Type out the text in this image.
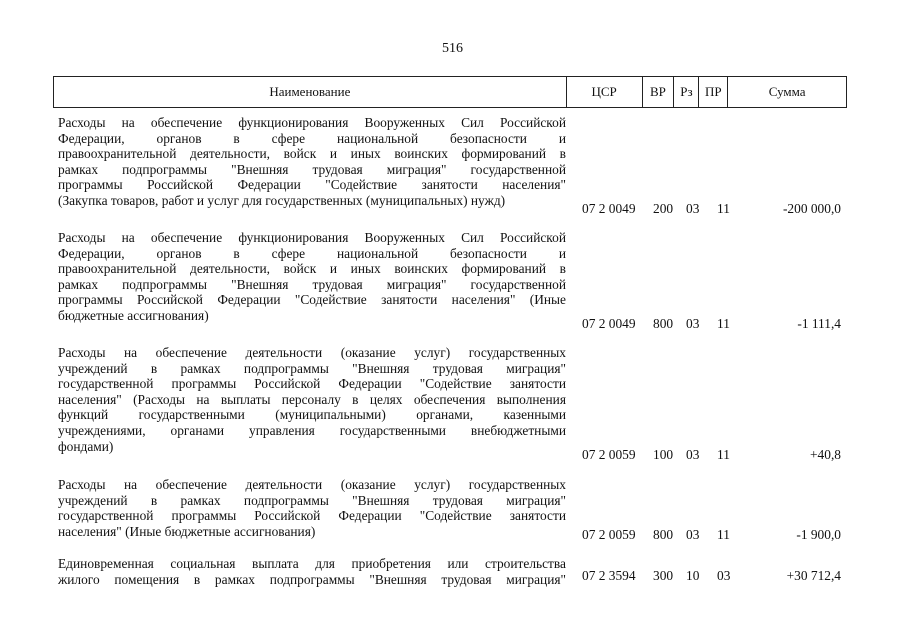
516
Наименование	ЦСР	ВР	Рз ПР	Сумма
Расходы на обеспечение функционирования Вооруженных Сил Российской
Федерации, органов в сфере национальной безопасности и
правоохранительной деятельности, войск и иных воинских формирований в
рамках подпрограммы "Внешняя трудовая миграция" государственной
программы Российской Федерации "Содействие занятости населения"
(Закупка товаров, работ и услуг для государственных (муниципальных) нужд)
07 2 0049 200 03 11	-200 000,0
Расходы на обеспечение функционирования Вооруженных Сил Российской
Федерации, органов в сфере национальной безопасности и
правоохранительной деятельности, войск и иных воинских формирований в
рамках подпрограммы "Внешняя трудовая миграция" государственной
программы Российской Федерации "Содействие занятости населения" (Иные
бюджетные ассигнования)
07 2 0049 800 03 11	-1 111,4
Расходы на обеспечение деятельности (оказание услуг) государственных
учреждений в рамках подпрограммы "Внешняя трудовая миграция"
государственной программы Российской Федерации "Содействие занятости
населения" (Расходы на выплаты персоналу в целях обеспечения выполнения
функций государственными (муниципальными) органами, казенными
учреждениями, органами управления государственными внебюджетными
фондами)
07 2 0059 100 03 11	+40,8
Расходы на обеспечение деятельности (оказание услуг) государственных
учреждений в рамках подпрограммы "Внешняя трудовая миграция"
государственной программы Российской Федерации "Содействие занятости
населения" (Иные бюджетные ассигнования)	07 2 0059 800 03 11	-1 900,0
Единовременная социальная выплата для приобретения или строительства
жилого помещения в рамках подпрограммы "Внешняя трудовая миграция" 07 2 3594 300 10 03	+30 712,4
